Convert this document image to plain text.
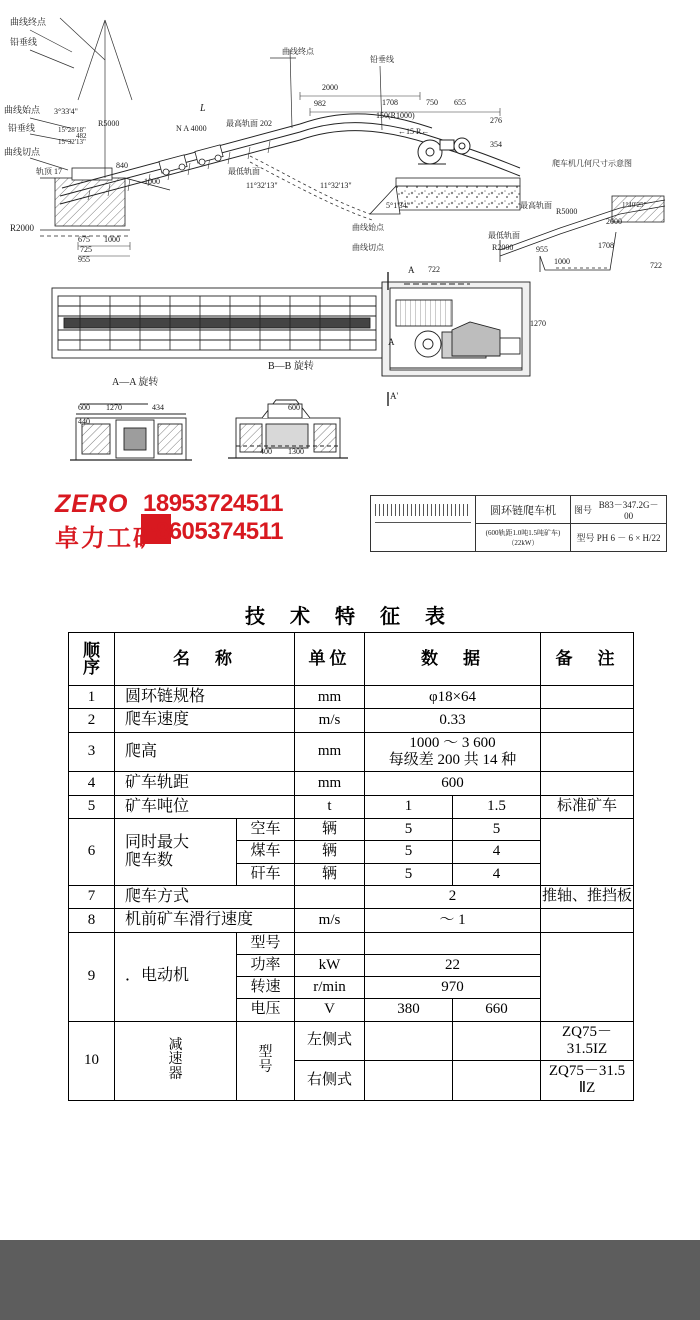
曲线终点
铅垂线
曲线始点
铅垂线
曲线切点
R2000
曲线终点
铅垂线
曲线始点
曲线切点
2000
982	1708	750 655
150(R1000)
←15 R←
276
354
L
N A 4000
最高轨面 202
840
1000
最低轨面
11°32'13"	11°32'13"
5°1'34"
3°33'4"
R5000
15°28'18"
15°32'13"
482
轨顶 17
675 1000
955
725
爬车机几何尺寸示意图
最高轨面
R5000
1°40'25"
最低轨面
R2000	955
1000
1708
722
2000
A 722
1270
B—B 旋转
A—A 旋转
A
A'
600 1270	434
440
600
1300
400
ZERO
卓力工矿
18953724511
18605374511
圆环链爬车机
(600轨距1.0吨1.5吨矿车)（22kW）
图号
B83－347.2G－00
型号
PH 6 － 6 × H/22
技 术 特 征 表
顺
序	名　称		单位	数　据		备　注
1	圆环链规格		mm	φ18×64		
2	爬车速度		m/s	0.33		
3	爬高		mm	1000 ～ 3 600
每级差 200 共 14 种		

4	矿车轨距		mm	600		
5	矿车吨位		t	1	1.5	标准矿车
6	同时最大
爬车数	空车	辆	5	5	
		煤车	辆	5	4	
		矸车	辆	5	4	
7	爬车方式			2		推轴、推挡板
8	机前矿车滑行速度		m/s	～ 1		
9	．电动机	型号				
		功率	kW	22		
		转速	r/min	970		
		电压	V	380	660	
10	减
速
器	型
号	左侧式			ZQ75－31.5IZ
			右侧式			ZQ75－31.5 ⅡZ
